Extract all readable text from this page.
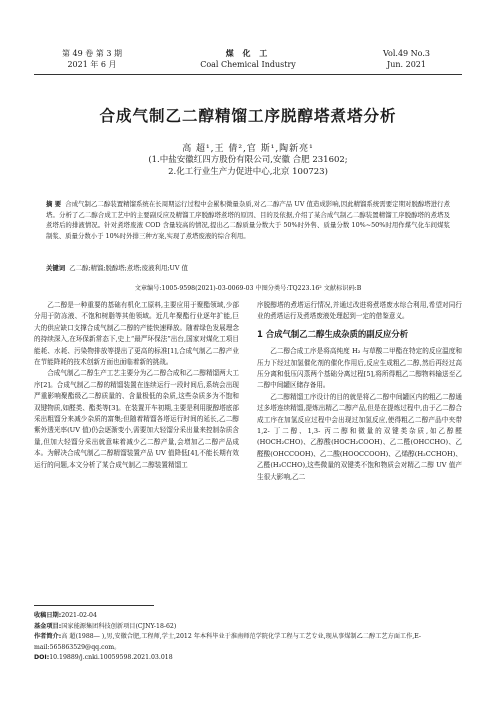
第 49 卷 第 3 期
2021 年 6 月
煤 化 工
Coal Chemical Industry
Vol.49 No.3
Jun. 2021
合成气制乙二醇精馏工序脱醇塔煮塔分析
高 超¹,王 倩²,官 斯¹,陶新亮¹
(1.中盐安徽红四方股份有限公司,安徽 合肥 231602;
2.化工行业生产力促进中心,北京 100723)
摘 要 合成气制乙二醇装置精馏系统在长周期运行过程中会累积微量杂质,对乙二醇产品 UV 值造成影响,因此精馏系统需要定期对脱醇塔进行煮塔。分析了乙二醇合成工艺中的主要副反应及精馏工序脱醇塔煮塔的原因、目的及依据,介绍了某合成气制乙二醇装置精馏工序脱醇塔的煮塔及煮塔后的排液情况。针对煮塔废液 COD 含量较高的情况,提出乙二醇质量分数大于 50%时外售、质量分数 10%~50%时用作煤气化车间煤浆制浆、质量分数小于 10%时外排三种方案,实现了煮塔废液的综合利用。
关键词 乙二醇;精馏;脱醇塔;煮塔;废液利用;UV 值
文章编号:1005-9598(2021)-03-0069-03 中图分类号:TQ223.16² 文献标识码:B

乙二醇是一种重要的基础有机化工原料,主要应用于聚酯领域,少部分用于防冻液、不饱和树脂等其他领域。近几年聚酯行业逐年扩能,巨大的供应缺口支撑合成气制乙二醇的产能快速释放。随着绿色发展理念的持续深入,在环保新常态下,史上“最严环保法”出台,国家对煤化工项目能耗、水耗、污染物排放等提出了更高的标准[1],合成气制乙二醇产业在节能降耗的技术创新方面也面临着新的挑战。

合成气制乙二醇生产工艺主要分为乙二醇合成和乙二醇精馏两大工序[2]。合成气制乙二醇的精馏装置在连续运行一段时间后,系统会出现严重影响聚酯级乙二醇质量的、含量极低的杂质,这些杂质多为不饱和双键物质,如醛类、酯类等[3]。在装置开车初期,主要是利用脱醇塔底部采出粗馏分来减少杂质的富集;但随着精馏各塔运行时间的延长,乙二醇紫外透光率(UV 值)仍会逐渐变小,需要加大轻馏分采出量来控制杂质含量,但加大轻馏分采出就意味着减少乙二醇产量,会增加乙二醇产品成本。为解决合成气制乙二醇精馏装置产品 UV 值降低[4],不能长期有效运行的问题,本文分析了某合成气制乙二醇装置精馏工

序脱醇塔的煮塔运行情况,并通过改进将煮塔废水综合利用,希望对同行业的煮塔运行及煮塔废液处理起到一定的借鉴意义。

1 合成气制乙二醇生成杂质的副反应分析

乙二醇合成工序是将高纯度 H₂ 与草酸二甲酯在特定的反应温度和压力下经过加氢催化剂的催化作用后,反应生成粗乙二醇,然后再经过高压分离和低压闪蒸两个基础分离过程[5],将所得粗乙二醇物料输送至乙二醇中间罐区储存备用。

乙二醇精馏工序设计的目的就是将乙二醇中间罐区内的粗乙二醇通过多塔连续精馏,提炼出精乙二醇产品,但是在提炼过程中,由于乙二醇合成工序在加氢反应过程中会出现过加氢反应,使得粗乙二醇产品中夹带 1,2- 丁二醇、1,3- 丙二醇和微量的双键类杂质,如乙醇醛(HOCH₂CHO)、乙醇酸(HOCH₂COOH)、乙二醛(OHCCHO)、乙醛酸(OHCCOOH)、乙二酸(HOOCCOOH)、乙烯醇(H₂CCHOH)、乙醛(H₃CCHO),这些微量的双键类不饱和物质会对精乙二醇 UV 值产生很大影响,乙二

收稿日期:2021-02-04
基金项目:国家能源集团科技创新项目(CJNY-18-62)
作者简介:高 超(1988— ),男,安徽合肥,工程师,学士,2012 年本科毕业于淮南师范学院化学工程与工艺专业,现从事煤制乙二醇工艺方面工作,E-mail:565863529@qq.com。
DOI:10.19889/j.cnki.10059598.2021.03.018
